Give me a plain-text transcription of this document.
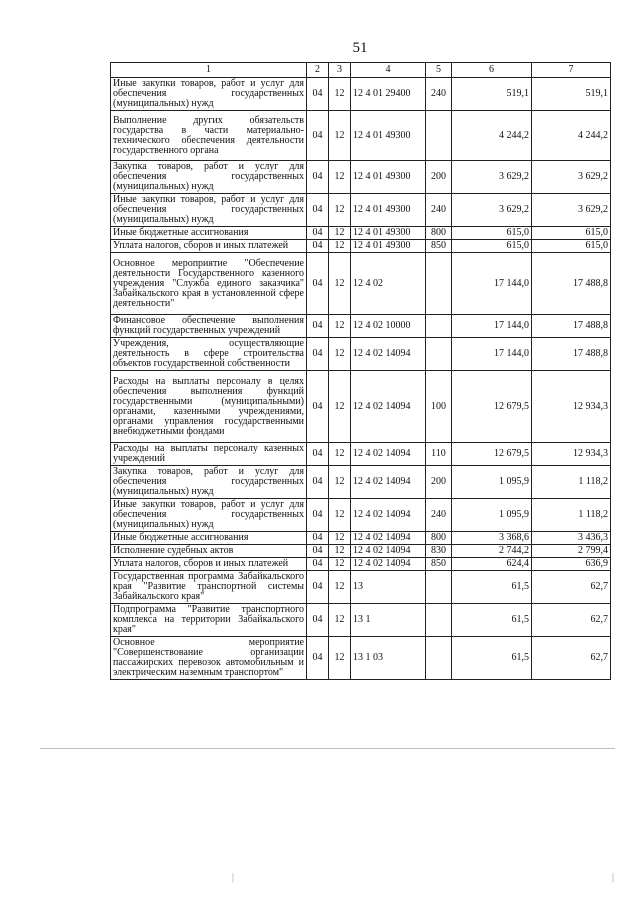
51
1	2	3	4	5	6	7
Иные закупки товаров, работ и услуг для обеспечения государственных (муниципальных) нужд	04	12	12 4 01 29400	240	519,1	519,1
Выполнение других обязательств государства в части материально-технического обеспечения деятельности государственного органа	04	12	12 4 01 49300		4 244,2	4 244,2
Закупка товаров, работ и услуг для обеспечения государственных (муниципальных) нужд	04	12	12 4 01 49300	200	3 629,2	3 629,2
Иные закупки товаров, работ и услуг для обеспечения государственных (муниципальных) нужд	04	12	12 4 01 49300	240	3 629,2	3 629,2
Иные бюджетные ассигнования	04	12	12 4 01 49300	800	615,0	615,0
Уплата налогов, сборов и иных платежей	04	12	12 4 01 49300	850	615,0	615,0
Основное мероприятие "Обеспечение деятельности Государственного казенного учреждения "Служба единого заказчика" Забайкальского края в установленной сфере деятельности"	04	12	12 4 02		17 144,0	17 488,8
Финансовое обеспечение выполнения функций государственных учреждений	04	12	12 4 02 10000		17 144,0	17 488,8
Учреждения, осуществляющие деятельность в сфере строительства объектов государственной собственности	04	12	12 4 02 14094		17 144,0	17 488,8
Расходы на выплаты персоналу в целях обеспечения выполнения функций государственными (муниципальными) органами, казенными учреждениями, органами управления государственными внебюджетными фондами	04	12	12 4 02 14094	100	12 679,5	12 934,3
Расходы на выплаты персоналу казенных учреждений	04	12	12 4 02 14094	110	12 679,5	12 934,3
Закупка товаров, работ и услуг для обеспечения государственных (муниципальных) нужд	04	12	12 4 02 14094	200	1 095,9	1 118,2
Иные закупки товаров, работ и услуг для обеспечения государственных (муниципальных) нужд	04	12	12 4 02 14094	240	1 095,9	1 118,2
Иные бюджетные ассигнования	04	12	12 4 02 14094	800	3 368,6	3 436,3
Исполнение судебных актов	04	12	12 4 02 14094	830	2 744,2	2 799,4
Уплата налогов, сборов и иных платежей	04	12	12 4 02 14094	850	624,4	636,9
Государственная программа Забайкальского края "Развитие транспортной системы Забайкальского края"	04	12	13		61,5	62,7
Подпрограмма "Развитие транспортного комплекса на территории Забайкальского края"	04	12	13 1		61,5	62,7
Основное мероприятие "Совершенствование организации пассажирских перевозок автомобильным и электрическим наземным транспортом"	04	12	13 1 03		61,5	62,7
|	|
